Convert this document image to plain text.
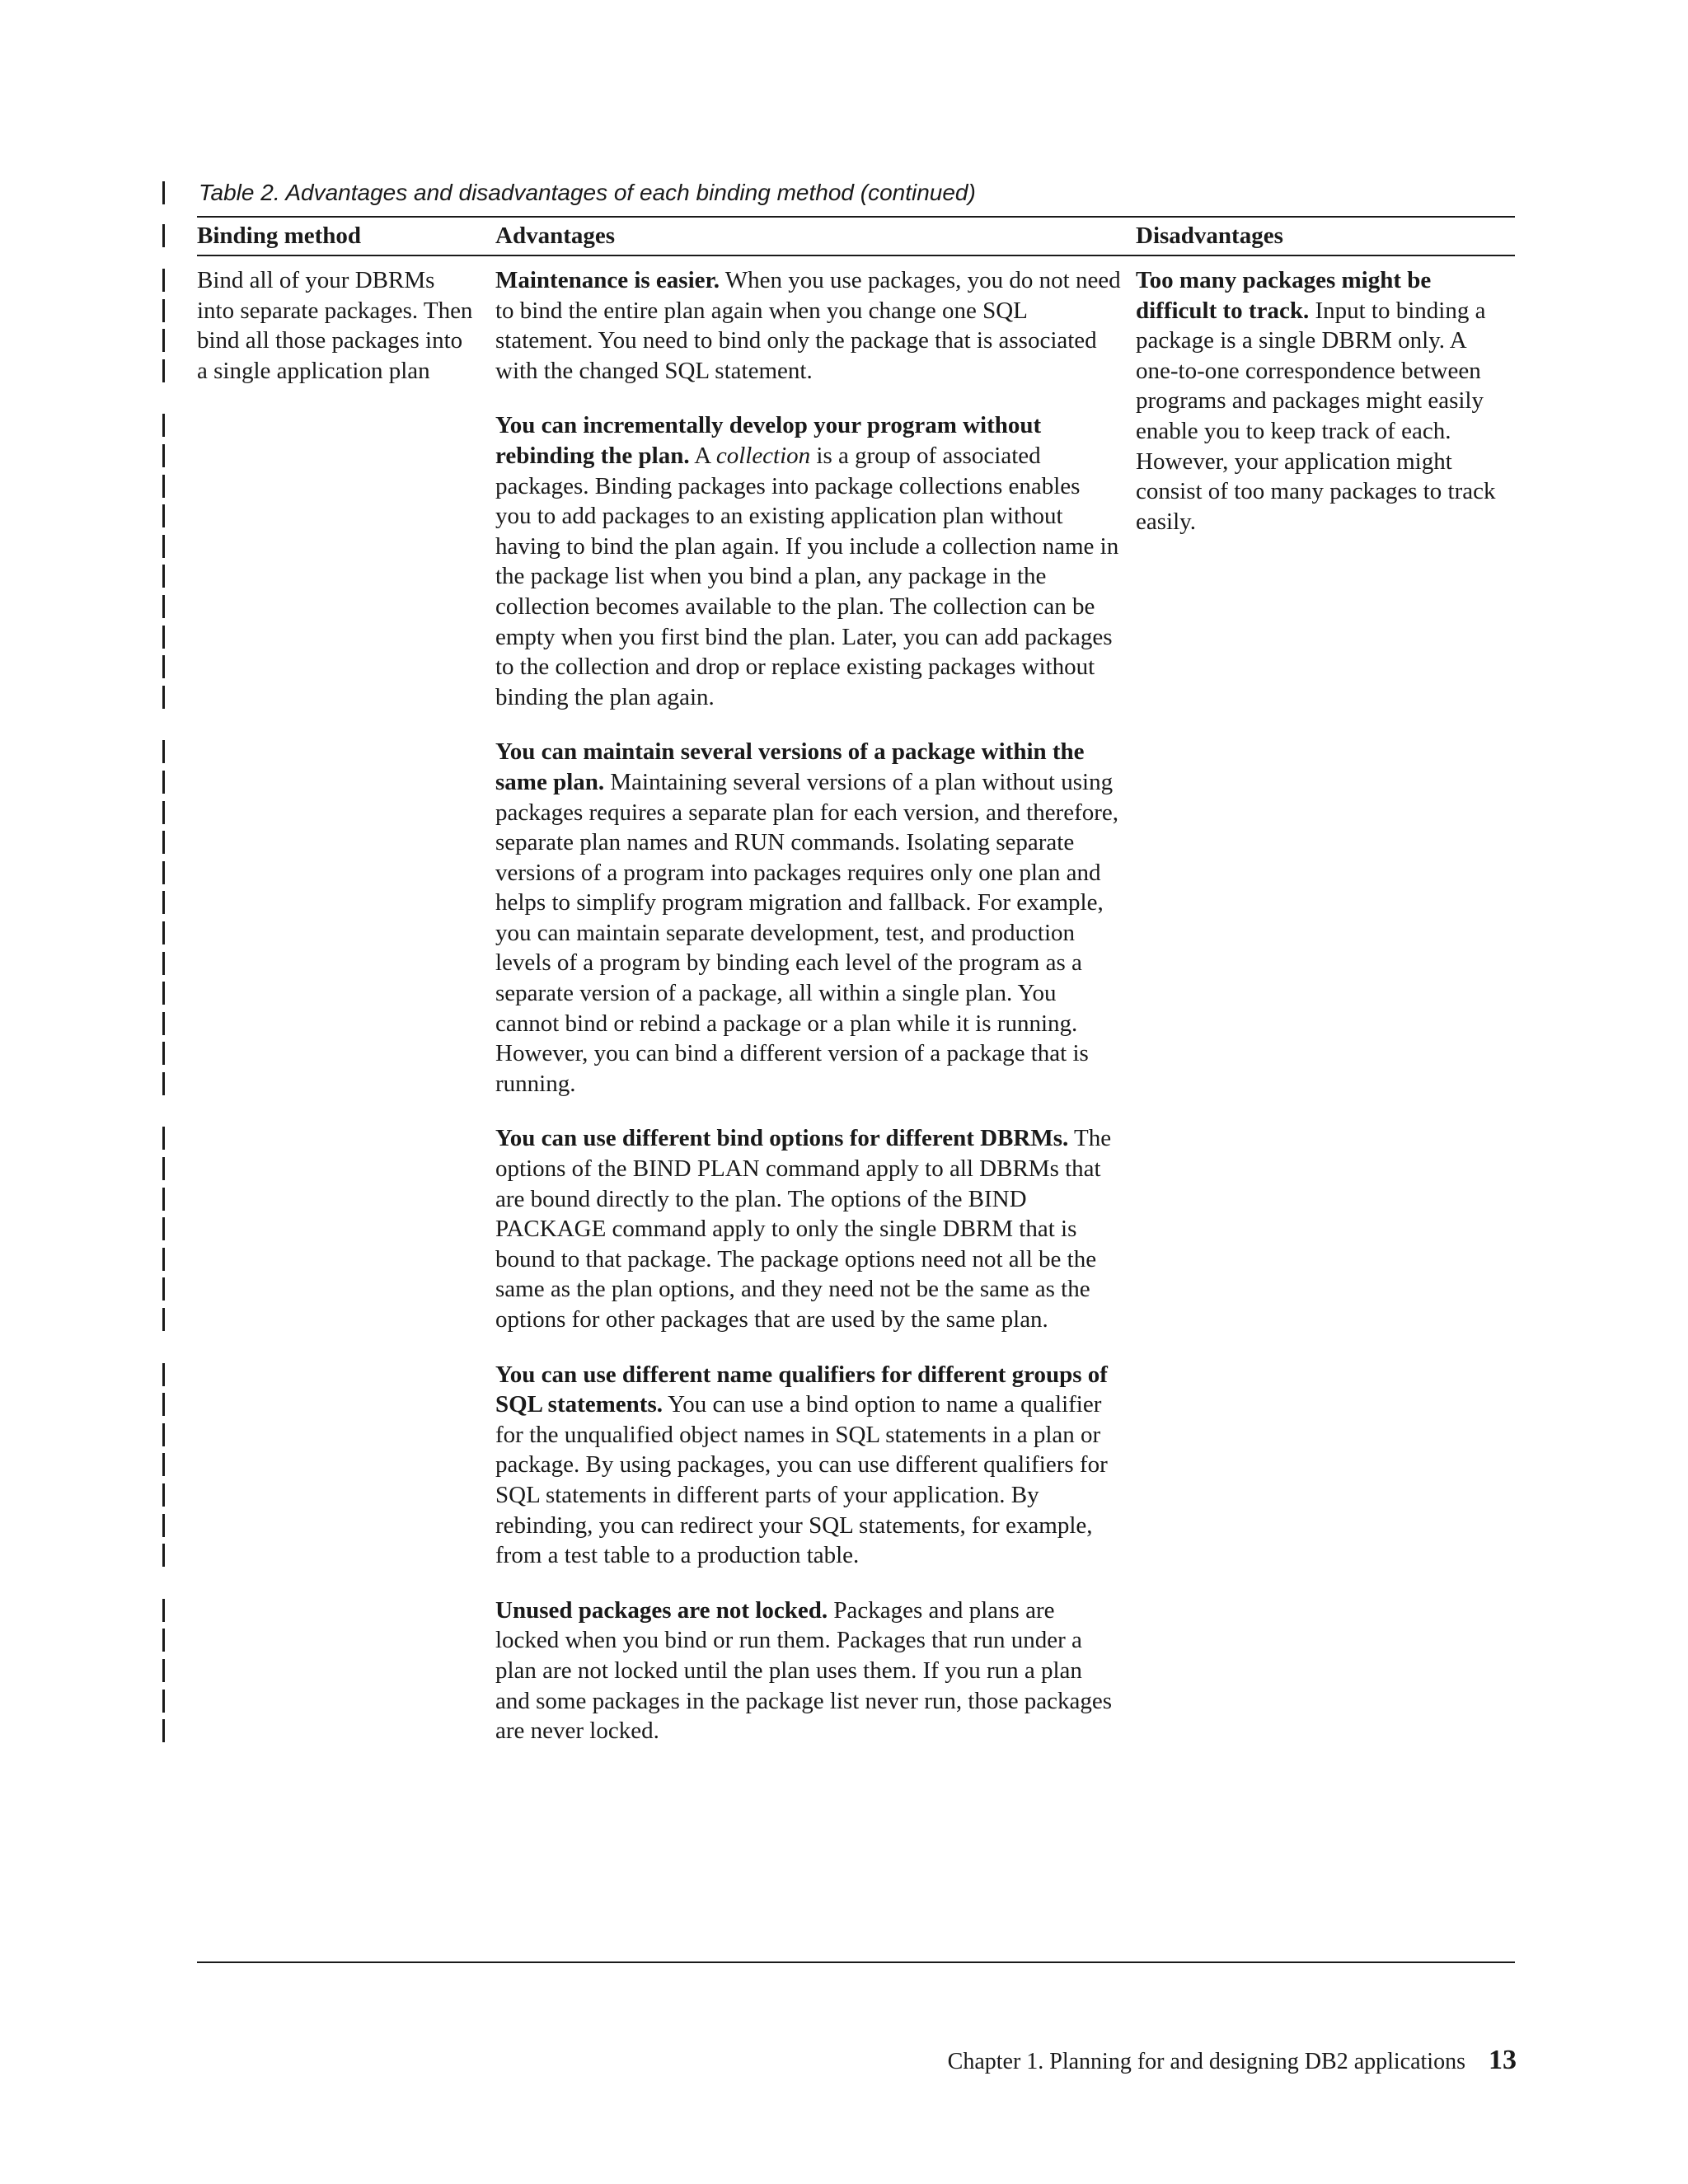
Table 2. Advantages and disadvantages of each binding method (continued)

Binding method	Advantages	Disadvantages

Bind all of your DBRMs into separate packages. Then bind all those packages into a single application plan

Maintenance is easier. When you use packages, you do not need to bind the entire plan again when you change one SQL statement. You need to bind only the package that is associated with the changed SQL statement.

You can incrementally develop your program without rebinding the plan. A collection is a group of associated packages. Binding packages into package collections enables you to add packages to an existing application plan without having to bind the plan again. If you include a collection name in the package list when you bind a plan, any package in the collection becomes available to the plan. The collection can be empty when you first bind the plan. Later, you can add packages to the collection and drop or replace existing packages without binding the plan again.

You can maintain several versions of a package within the same plan. Maintaining several versions of a plan without using packages requires a separate plan for each version, and therefore, separate plan names and RUN commands. Isolating separate versions of a program into packages requires only one plan and helps to simplify program migration and fallback. For example, you can maintain separate development, test, and production levels of a program by binding each level of the program as a separate version of a package, all within a single plan. You cannot bind or rebind a package or a plan while it is running. However, you can bind a different version of a package that is running.

You can use different bind options for different DBRMs. The options of the BIND PLAN command apply to all DBRMs that are bound directly to the plan. The options of the BIND PACKAGE command apply to only the single DBRM that is bound to that package. The package options need not all be the same as the plan options, and they need not be the same as the options for other packages that are used by the same plan.

You can use different name qualifiers for different groups of SQL statements. You can use a bind option to name a qualifier for the unqualified object names in SQL statements in a plan or package. By using packages, you can use different qualifiers for SQL statements in different parts of your application. By rebinding, you can redirect your SQL statements, for example, from a test table to a production table.

Unused packages are not locked. Packages and plans are locked when you bind or run them. Packages that run under a plan are not locked until the plan uses them. If you run a plan and some packages in the package list never run, those packages are never locked.

Too many packages might be difficult to track. Input to binding a package is a single DBRM only. A one-to-one correspondence between programs and packages might easily enable you to keep track of each. However, your application might consist of too many packages to track easily.

Chapter 1. Planning for and designing DB2 applications 13
